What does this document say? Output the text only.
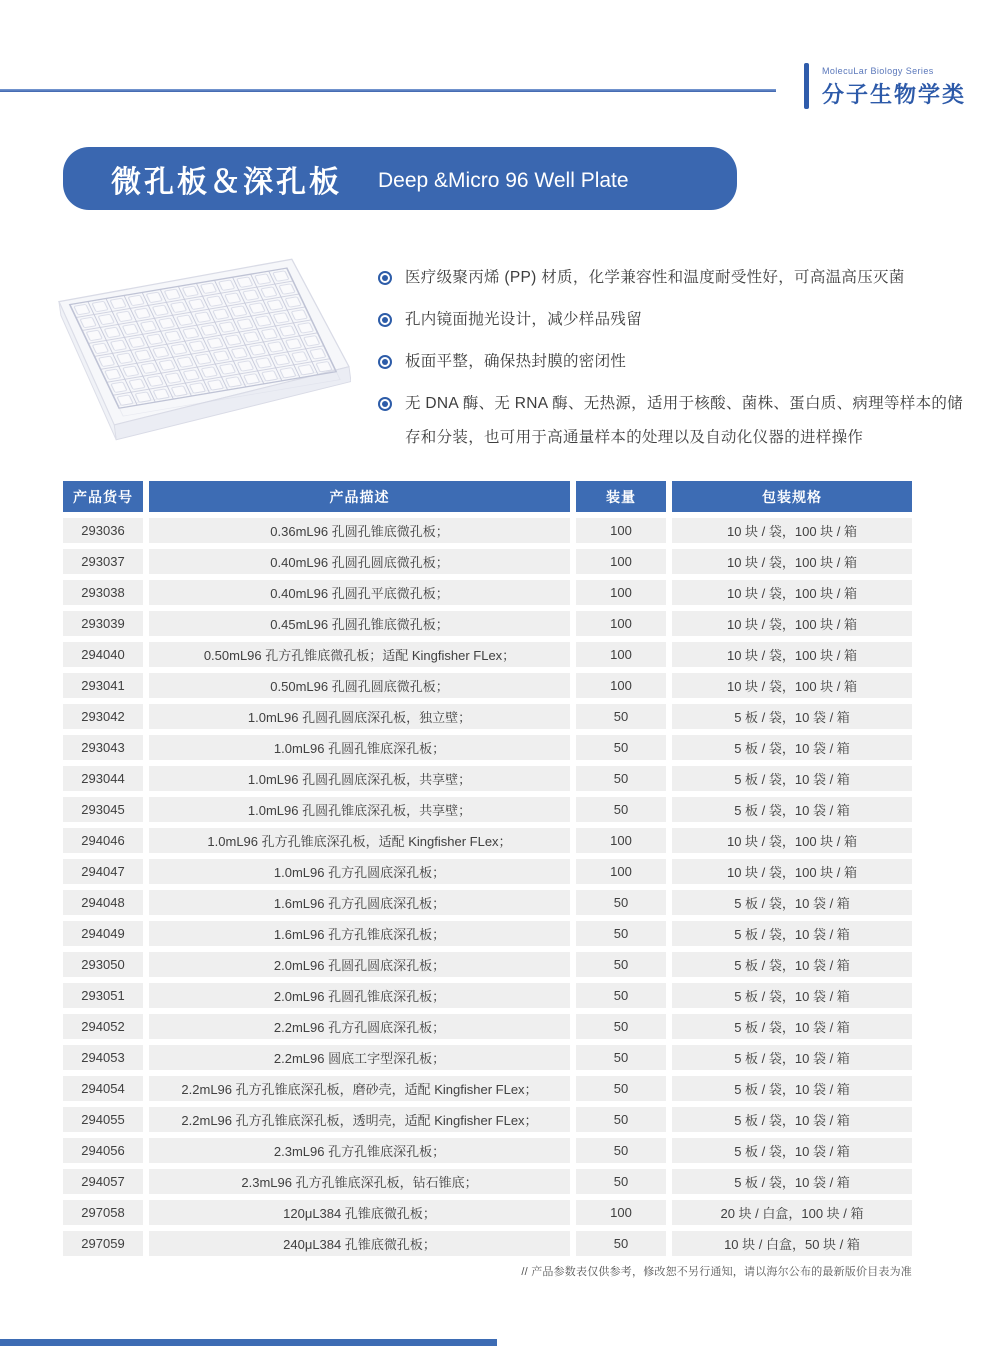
MolecuLar Biology Series
分子生物学类
微孔板＆深孔板 Deep &Micro 96 Well Plate
医疗级聚丙烯 (PP) 材质，化学兼容性和温度耐受性好，可高温高压灭菌
孔内镜面抛光设计，减少样品残留
板面平整，确保热封膜的密闭性
无 DNA 酶、无 RNA 酶、无热源，适用于核酸、菌株、蛋白质、病理等样本的储存和分装，也可用于高通量样本的处理以及自动化仪器的进样操作
产品货号	产品描述	装量	包装规格
293036	0.36mL96 孔圆孔锥底微孔板；	100	10 块 / 袋，100 块 / 箱
293037	0.40mL96 孔圆孔圆底微孔板；	100	10 块 / 袋，100 块 / 箱
293038	0.40mL96 孔圆孔平底微孔板；	100	10 块 / 袋，100 块 / 箱
293039	0.45mL96 孔圆孔锥底微孔板；	100	10 块 / 袋，100 块 / 箱
294040	0.50mL96 孔方孔锥底微孔板；适配 Kingfisher FLex；	100	10 块 / 袋，100 块 / 箱
293041	0.50mL96 孔圆孔圆底微孔板；	100	10 块 / 袋，100 块 / 箱
293042	1.0mL96 孔圆孔圆底深孔板，独立壁；	50	5 板 / 袋，10 袋 / 箱
293043	1.0mL96 孔圆孔锥底深孔板；	50	5 板 / 袋，10 袋 / 箱
293044	1.0mL96 孔圆孔圆底深孔板，共享壁；	50	5 板 / 袋，10 袋 / 箱
293045	1.0mL96 孔圆孔锥底深孔板，共享壁；	50	5 板 / 袋，10 袋 / 箱
294046	1.0mL96 孔方孔锥底深孔板，适配 Kingfisher FLex；	100	10 块 / 袋，100 块 / 箱
294047	1.0mL96 孔方孔圆底深孔板；	100	10 块 / 袋，100 块 / 箱
294048	1.6mL96 孔方孔圆底深孔板；	50	5 板 / 袋，10 袋 / 箱
294049	1.6mL96 孔方孔锥底深孔板；	50	5 板 / 袋，10 袋 / 箱
293050	2.0mL96 孔圆孔圆底深孔板；	50	5 板 / 袋，10 袋 / 箱
293051	2.0mL96 孔圆孔锥底深孔板；	50	5 板 / 袋，10 袋 / 箱
294052	2.2mL96 孔方孔圆底深孔板；	50	5 板 / 袋，10 袋 / 箱
294053	2.2mL96 圆底工字型深孔板；	50	5 板 / 袋，10 袋 / 箱
294054	2.2mL96 孔方孔锥底深孔板，磨砂壳，适配 Kingfisher FLex；	50	5 板 / 袋，10 袋 / 箱
294055	2.2mL96 孔方孔锥底深孔板，透明壳，适配 Kingfisher FLex；	50	5 板 / 袋，10 袋 / 箱
294056	2.3mL96 孔方孔锥底深孔板；	50	5 板 / 袋，10 袋 / 箱
294057	2.3mL96 孔方孔锥底深孔板，钻石锥底；	50	5 板 / 袋，10 袋 / 箱
297058	120μL384 孔锥底微孔板；	100	20 块 / 白盒，100 块 / 箱
297059	240μL384 孔锥底微孔板；	50	10 块 / 白盒，50 块 / 箱
// 产品参数表仅供参考，修改恕不另行通知，请以海尔公布的最新版价目表为准
